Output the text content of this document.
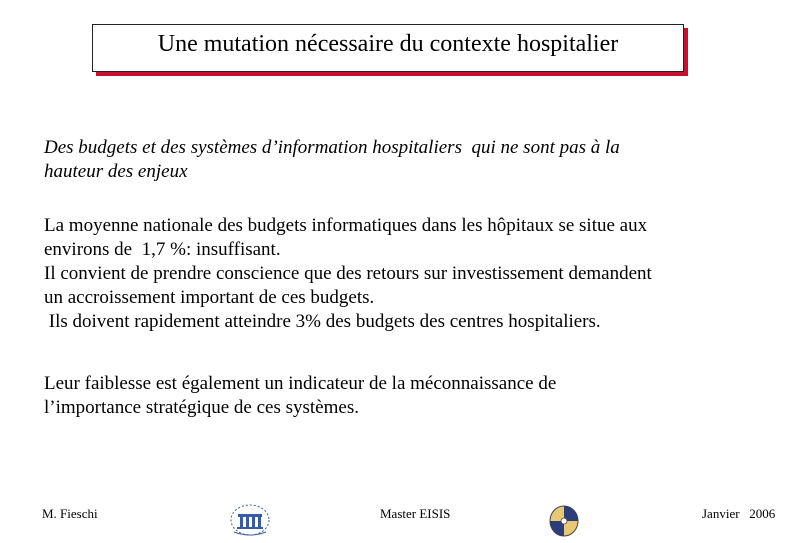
Une mutation nécessaire du contexte hospitalier
Des budgets et des systèmes d’information hospitaliers  qui ne sont pas à la
hauteur des enjeux
La moyenne nationale des budgets informatiques dans les hôpitaux se situe aux
environs de  1,7 %: insuffisant.
Il convient de prendre conscience que des retours sur investissement demandent
un accroissement important de ces budgets.
Ils doivent rapidement atteindre 3% des budgets des centres hospitaliers.
Leur faiblesse est également un indicateur de la méconnaissance de
l’importance stratégique de ces systèmes.
M. Fieschi	Master EISIS	Janvier   2006
